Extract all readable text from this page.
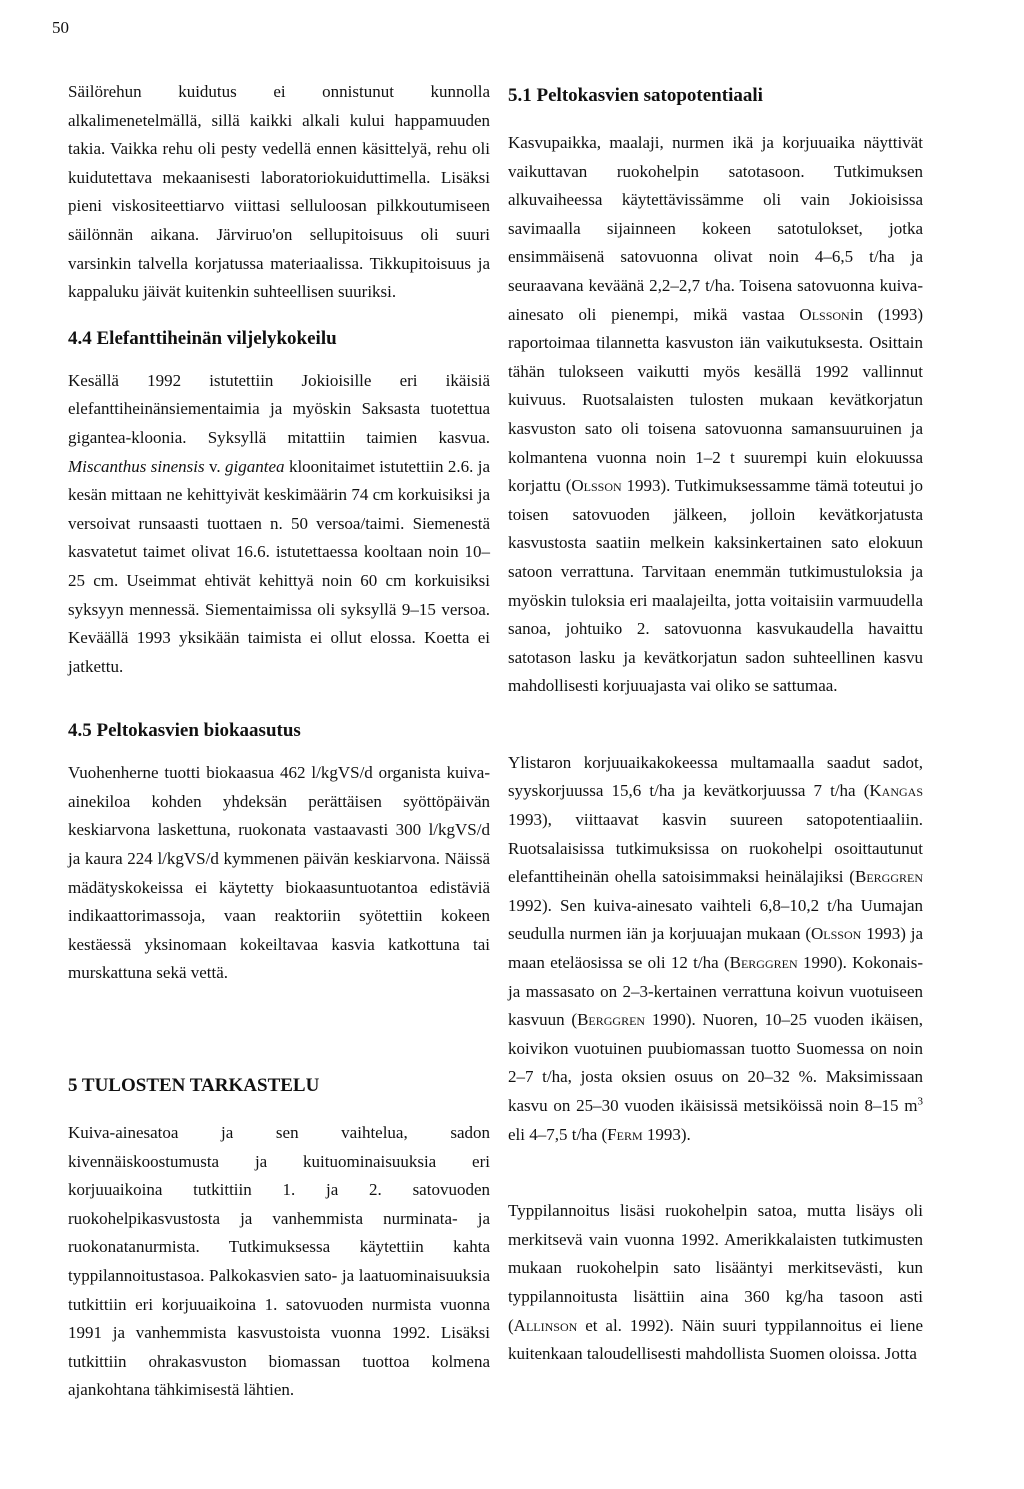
50

Säilörehun kuidutus ei onnistunut kunnolla alkalimenetelmällä, sillä kaikki alkali kului happamuuden takia. Vaikka rehu oli pesty vedellä ennen käsittelyä, rehu oli kuidutettava mekaanisesti laboratoriokuiduttimella. Lisäksi pieni viskositeettiarvo viittasi selluloosan pilkkoutumiseen säilönnän aikana. Järviruo'on sellupitoisuus oli suuri varsinkin talvella korjatussa materiaalissa. Tikkupitoisuus ja kappaluku jäivät kuitenkin suhteellisen suuriksi.

4.4 Elefanttiheinän viljelykokeilu

Kesällä 1992 istutettiin Jokioisille eri ikäisiä elefanttiheinänsiementaimia ja myöskin Saksasta tuotettua gigantea-kloonia. Syksyllä mitattiin taimien kasvua. Miscanthus sinensis v. gigantea kloonitaimet istutettiin 2.6. ja kesän mittaan ne kehittyivät keskimäärin 74 cm korkuisiksi ja versoivat runsaasti tuottaen n. 50 versoa/taimi. Siemenestä kasvatetut taimet olivat 16.6. istutettaessa kooltaan noin 10–25 cm. Useimmat ehtivät kehittyä noin 60 cm korkuisiksi syksyyn mennessä. Siementaimissa oli syksyllä 9–15 versoa. Keväällä 1993 yksikään taimista ei ollut elossa. Koetta ei jatkettu.

4.5 Peltokasvien biokaasutus

Vuohenherne tuotti biokaasua 462 l/kgVS/d organista kuiva-ainekiloa kohden yhdeksän perättäisen syöttöpäivän keskiarvona laskettuna, ruokonata vastaavasti 300 l/kgVS/d ja kaura 224 l/kgVS/d kymmenen päivän keskiarvona. Näissä mädätyskokeissa ei käytetty biokaasuntuotantoa edistäviä indikaattorimassoja, vaan reaktoriin syötettiin kokeen kestäessä yksinomaan kokeiltavaa kasvia katkottuna tai murskattuna sekä vettä.

5 TULOSTEN TARKASTELU

Kuiva-ainesatoa ja sen vaihtelua, sadon kivennäiskoostumusta ja kuituominaisuuksia eri korjuuaikoina tutkittiin 1. ja 2. satovuoden ruokohelpikasvustosta ja vanhemmista nurminata- ja ruokonatanurmista. Tutkimuksessa käytettiin kahta typpilannoitustasoa. Palkokasvien sato- ja laatuominaisuuksia tutkittiin eri korjuuaikoina 1. satovuoden nurmista vuonna 1991 ja vanhemmista kasvustoista vuonna 1992. Lisäksi tutkittiin ohrakasvuston biomassan tuottoa kolmena ajankohtana tähkimisestä lähtien.

5.1 Peltokasvien satopotentiaali

Kasvupaikka, maalaji, nurmen ikä ja korjuuaika näyttivät vaikuttavan ruokohelpin satotasoon. Tutkimuksen alkuvaiheessa käytettävissämme oli vain Jokioisissa savimaalla sijainneen kokeen satotulokset, jotka ensimmäisenä satovuonna olivat noin 4–6,5 t/ha ja seuraavana keväänä 2,2–2,7 t/ha. Toisena satovuonna kuiva-ainesato oli pienempi, mikä vastaa Olssonin (1993) raportoimaa tilannetta kasvuston iän vaikutuksesta. Osittain tähän tulokseen vaikutti myös kesällä 1992 vallinnut kuivuus. Ruotsalaisten tulosten mukaan kevätkorjatun kasvuston sato oli toisena satovuonna samansuuruinen ja kolmantena vuonna noin 1–2 t suurempi kuin elokuussa korjattu (Olsson 1993). Tutkimuksessamme tämä toteutui jo toisen satovuoden jälkeen, jolloin kevätkorjatusta kasvustosta saatiin melkein kaksinkertainen sato elokuun satoon verrattuna. Tarvitaan enemmän tutkimustuloksia ja myöskin tuloksia eri maalajeilta, jotta voitaisiin varmuudella sanoa, johtuiko 2. satovuonna kasvukaudella havaittu satotason lasku ja kevätkorjatun sadon suhteellinen kasvu mahdollisesti korjuuajasta vai oliko se sattumaa.

Ylistaron korjuuaikakokeessa multamaalla saadut sadot, syyskorjuussa 15,6 t/ha ja kevätkorjuussa 7 t/ha (Kangas 1993), viittaavat kasvin suureen satopotentiaaliin. Ruotsalaisissa tutkimuksissa on ruokohelpi osoittautunut elefanttiheinän ohella satoisimmaksi heinälajiksi (Berggren 1992). Sen kuiva-ainesato vaihteli 6,8–10,2 t/ha Uumajan seudulla nurmen iän ja korjuuajan mukaan (Olsson 1993) ja maan eteläosissa se oli 12 t/ha (Berggren 1990). Kokonais- ja massasato on 2–3-kertainen verrattuna koivun vuotuiseen kasvuun (Berggren 1990). Nuoren, 10–25 vuoden ikäisen, koivikon vuotuinen puubiomassan tuotto Suomessa on noin 2–7 t/ha, josta oksien osuus on 20–32 %. Maksimissaan kasvu on 25–30 vuoden ikäisissä metsiköissä noin 8–15 $m^3$ eli 4–7,5 t/ha (Ferm 1993).

Typpilannoitus lisäsi ruokohelpin satoa, mutta lisäys oli merkitsevä vain vuonna 1992. Amerikkalaisten tutkimusten mukaan ruokohelpin sato lisääntyi merkitsevästi, kun typpilannoitusta lisättiin aina 360 kg/ha tasoon asti (Allinson et al. 1992). Näin suuri typpilannoitus ei liene kuitenkaan taloudellisesti mahdollista Suomen oloissa. Jotta
